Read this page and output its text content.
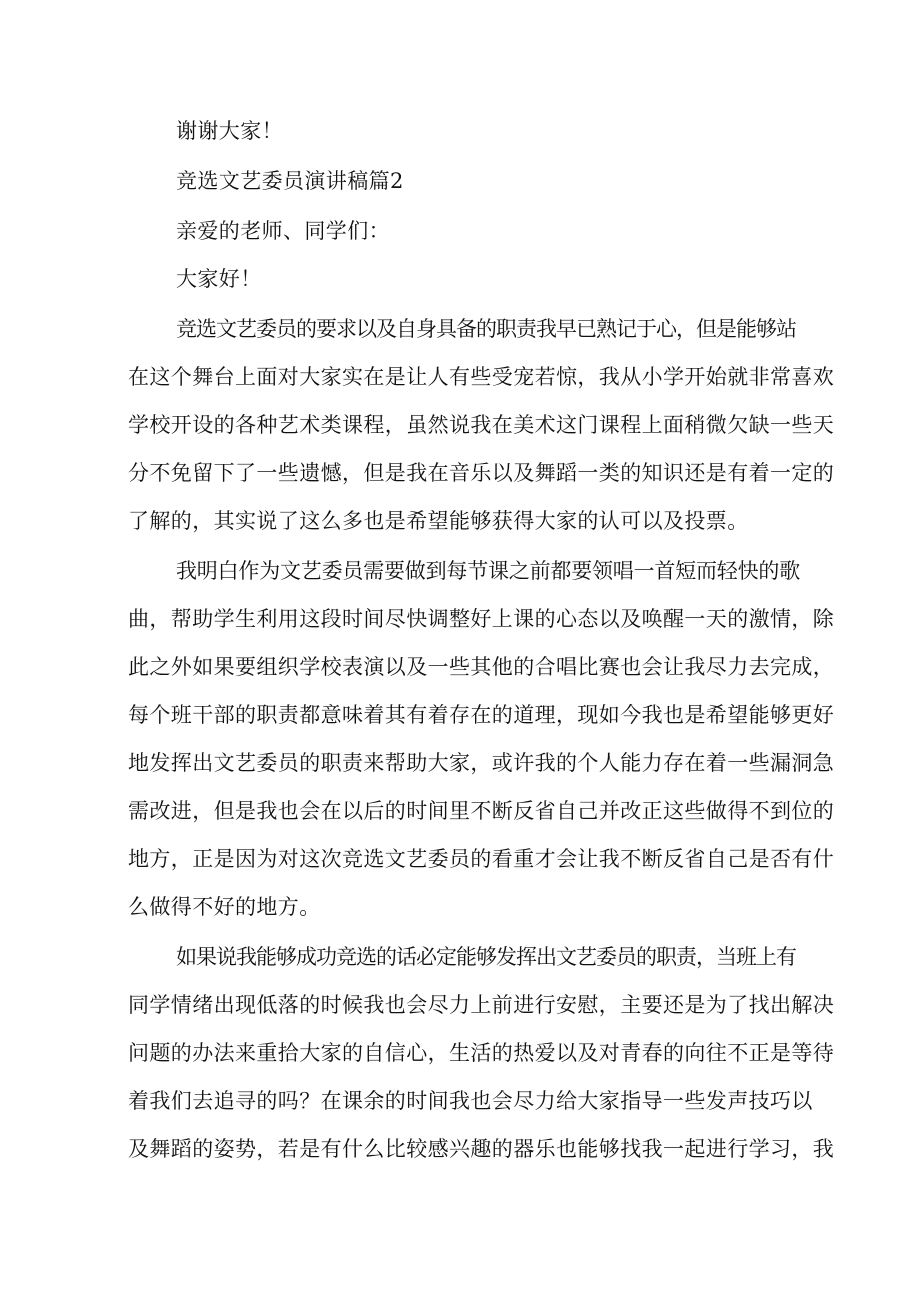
谢谢大家！
竞选文艺委员演讲稿篇2
亲爱的老师、同学们：
大家好！
竞选文艺委员的要求以及自身具备的职责我早已熟记于心，但是能够站
在这个舞台上面对大家实在是让人有些受宠若惊，我从小学开始就非常喜欢
学校开设的各种艺术类课程，虽然说我在美术这门课程上面稍微欠缺一些天
分不免留下了一些遗憾，但是我在音乐以及舞蹈一类的知识还是有着一定的
了解的，其实说了这么多也是希望能够获得大家的认可以及投票。
我明白作为文艺委员需要做到每节课之前都要领唱一首短而轻快的歌
曲，帮助学生利用这段时间尽快调整好上课的心态以及唤醒一天的激情，除
此之外如果要组织学校表演以及一些其他的合唱比赛也会让我尽力去完成，
每个班干部的职责都意味着其有着存在的道理，现如今我也是希望能够更好
地发挥出文艺委员的职责来帮助大家，或许我的个人能力存在着一些漏洞急
需改进，但是我也会在以后的时间里不断反省自己并改正这些做得不到位的
地方，正是因为对这次竞选文艺委员的看重才会让我不断反省自己是否有什
么做得不好的地方。
如果说我能够成功竞选的话必定能够发挥出文艺委员的职责，当班上有
同学情绪出现低落的时候我也会尽力上前进行安慰，主要还是为了找出解决
问题的办法来重拾大家的自信心，生活的热爱以及对青春的向往不正是等待
着我们去追寻的吗？在课余的时间我也会尽力给大家指导一些发声技巧以
及舞蹈的姿势，若是有什么比较感兴趣的器乐也能够找我一起进行学习，我
